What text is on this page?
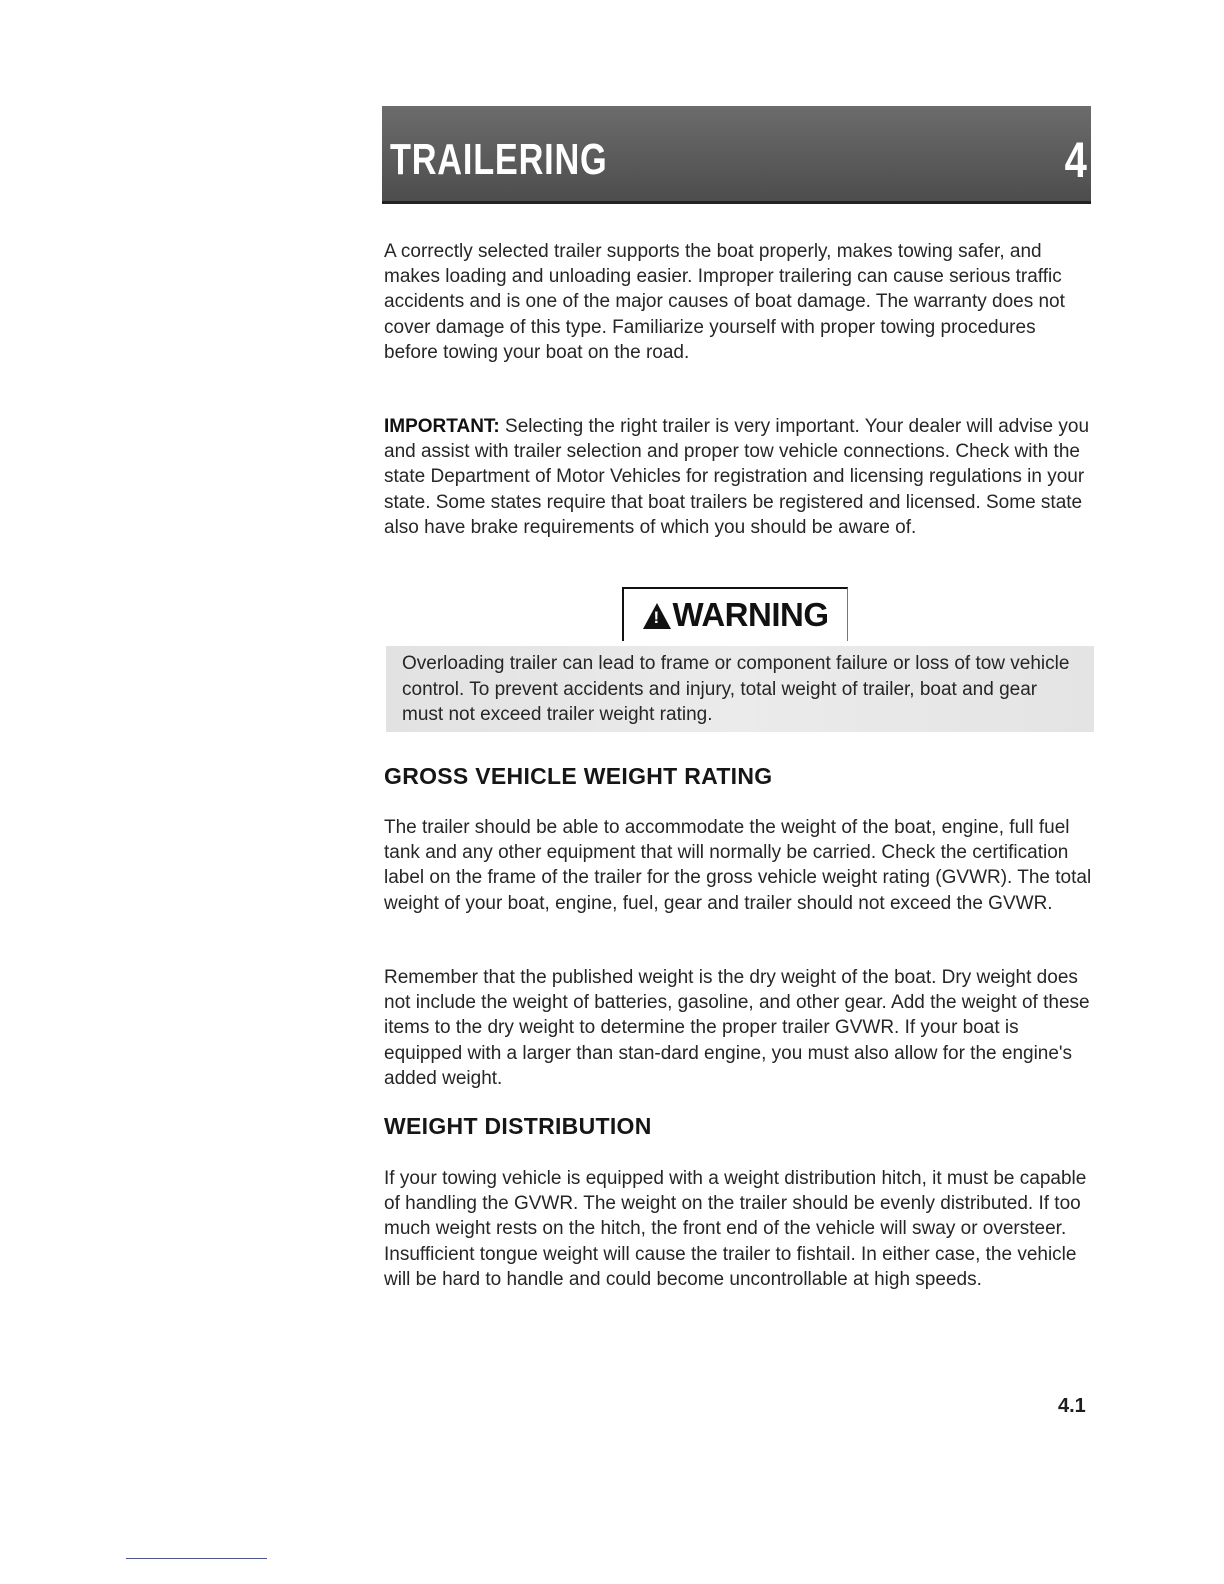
TRAILERING	4

A correctly selected trailer supports the boat properly, makes towing safer, and makes loading and unloading easier. Improper trailering can cause serious traffic accidents and is one of the major causes of boat damage. The warranty does not cover damage of this type. Familiarize yourself with proper towing procedures before towing your boat on the road.

IMPORTANT: Selecting the right trailer is very important. Your dealer will advise you and assist with trailer selection and proper tow vehicle connections. Check with the state Department of Motor Vehicles for registration and licensing regulations in your state. Some states require that boat trailers be registered and licensed. Some state also have brake requirements of which you should be aware of.

!WARNING

Overloading trailer can lead to frame or component failure or loss of tow vehicle control. To prevent accidents and injury, total weight of trailer, boat and gear must not exceed trailer weight rating.

GROSS VEHICLE WEIGHT RATING

The trailer should be able to accommodate the weight of the boat, engine, full fuel tank and any other equipment that will normally be carried. Check the certification label on the frame of the trailer for the gross vehicle weight rating (GVWR). The total weight of your boat, engine, fuel, gear and trailer should not exceed the GVWR.

Remember that the published weight is the dry weight of the boat. Dry weight does not include the weight of batteries, gasoline, and other gear. Add the weight of these items to the dry weight to determine the proper trailer GVWR. If your boat is equipped with a larger than stan-dard engine, you must also allow for the engine's added weight.

WEIGHT DISTRIBUTION

If your towing vehicle is equipped with a weight distribution hitch, it must be capable of handling the GVWR. The weight on the trailer should be evenly distributed. If too much weight rests on the hitch, the front end of the vehicle will sway or oversteer. Insufficient tongue weight will cause the trailer to fishtail. In either case, the vehicle will be hard to handle and could become uncontrollable at high speeds.

4.1
